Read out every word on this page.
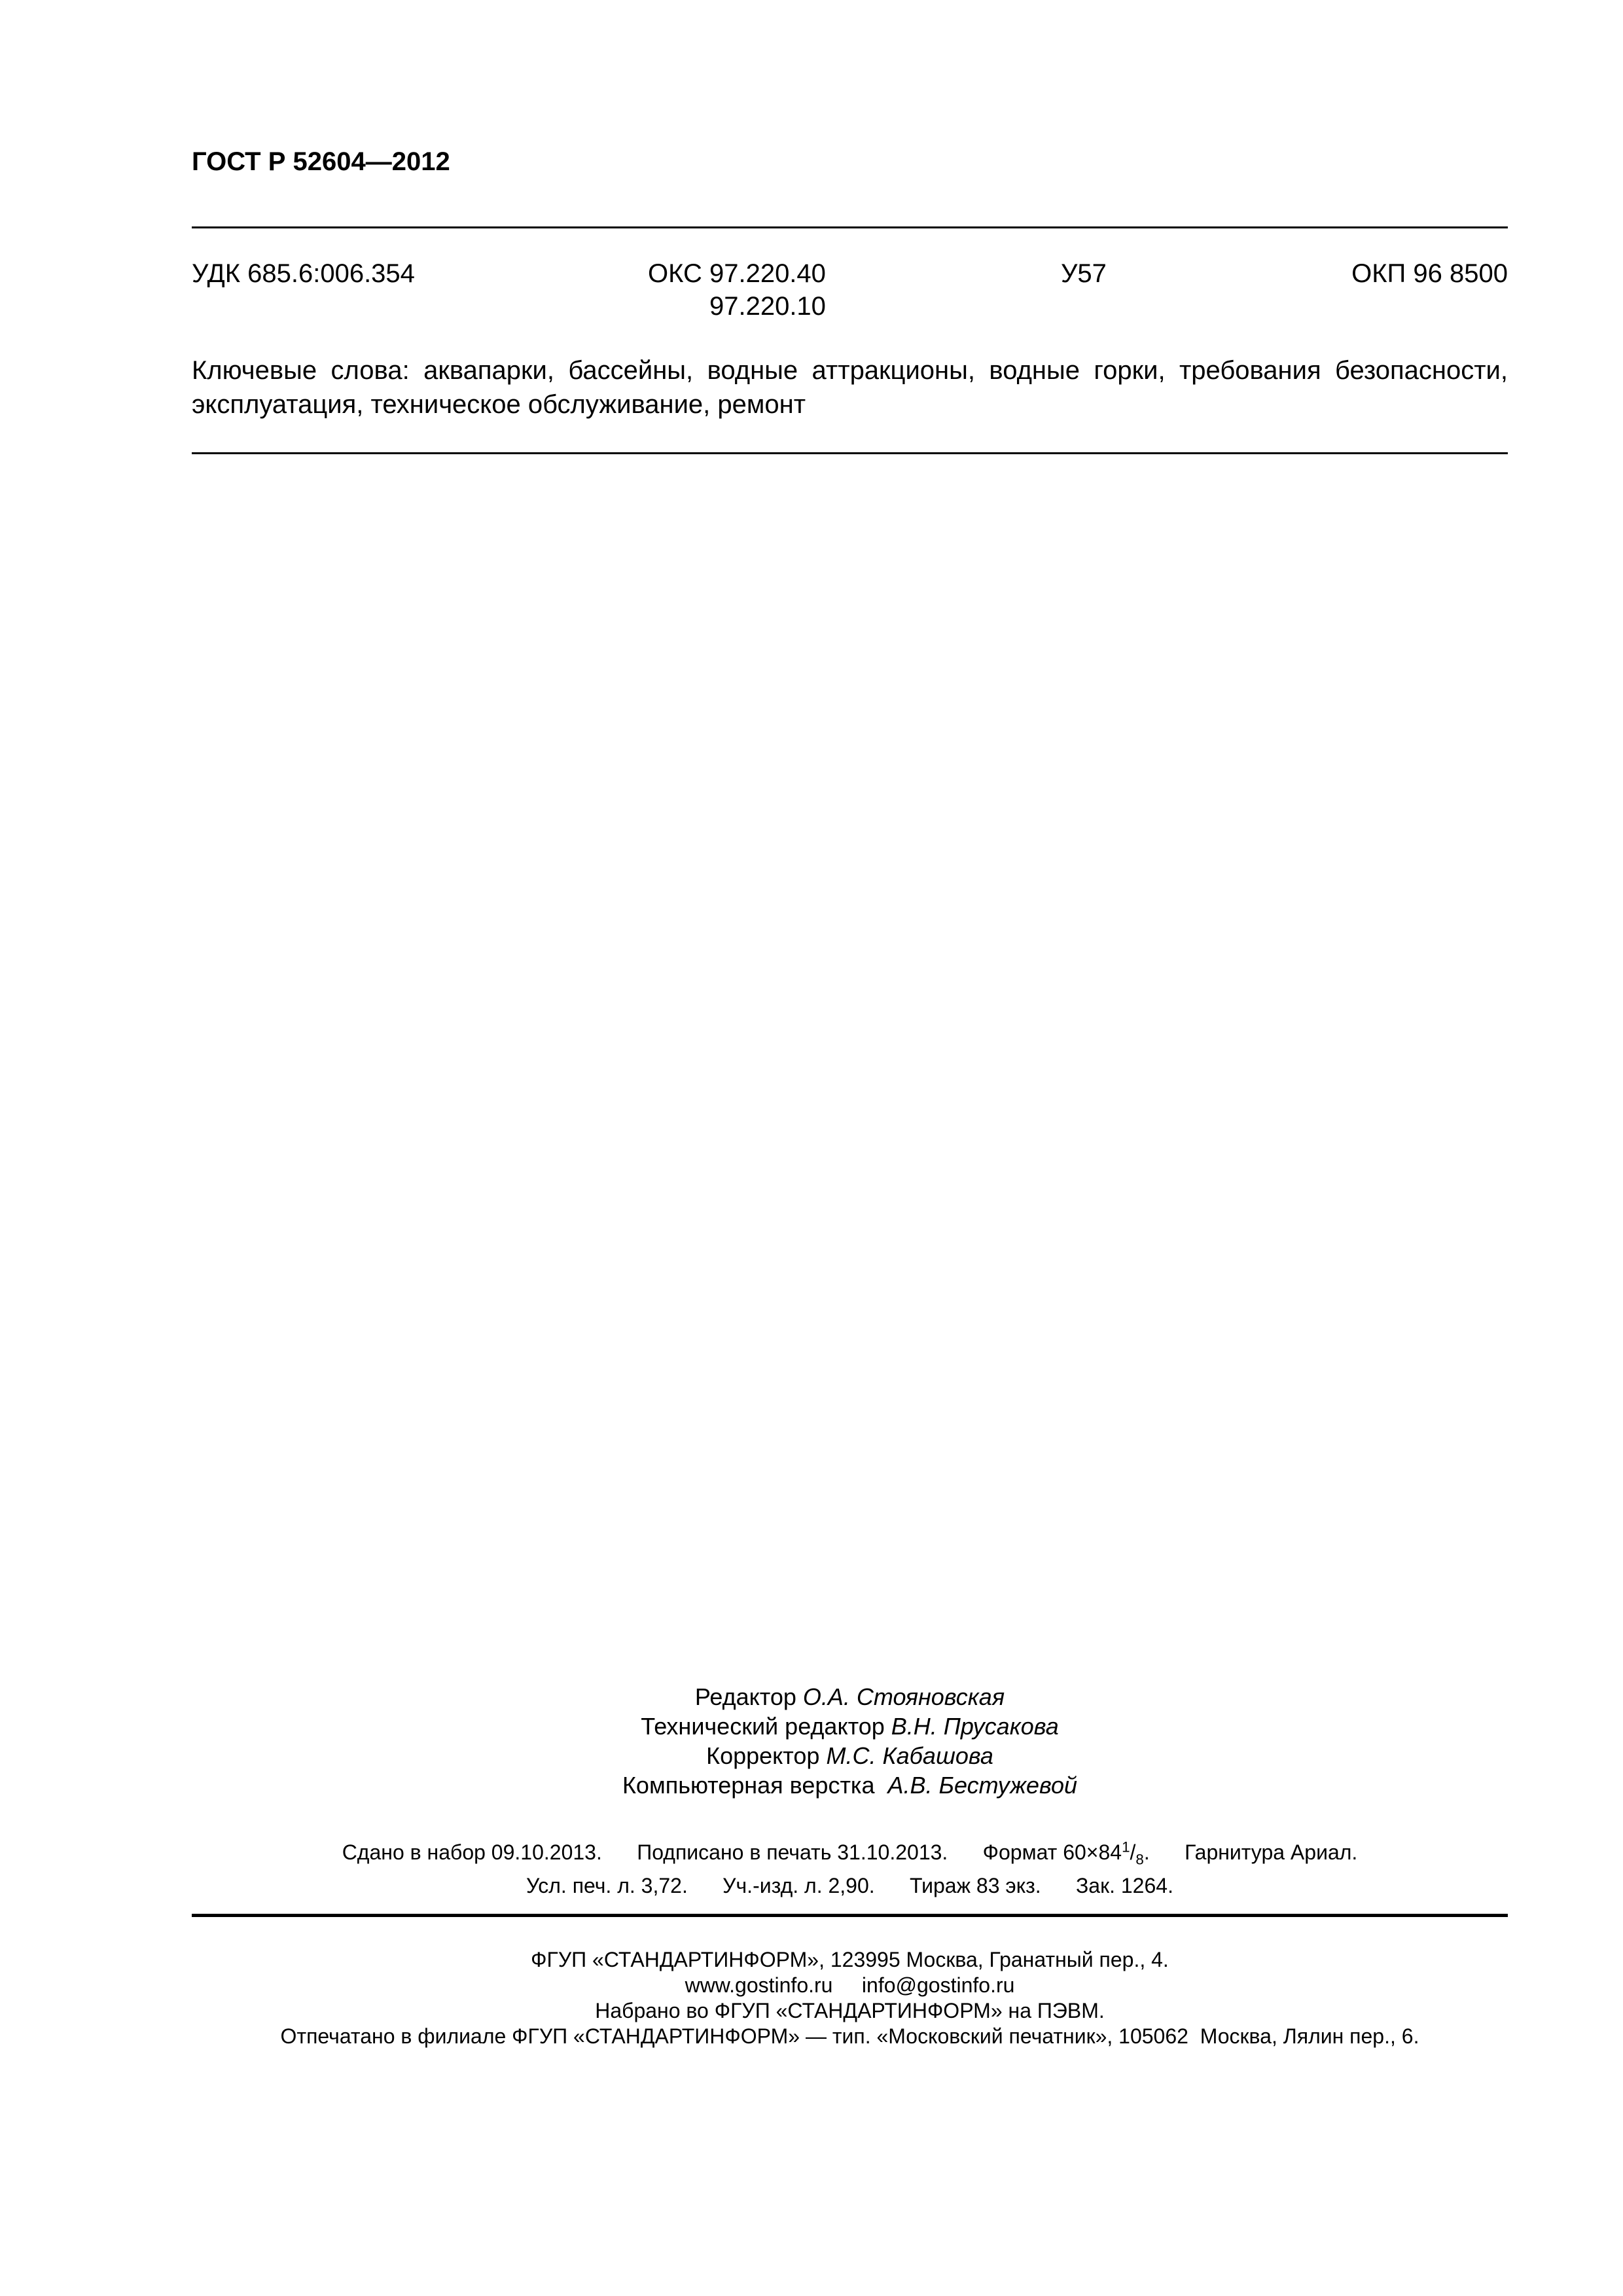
ГОСТ Р 52604—2012
УДК 685.6:006.354	ОКС 97.220.40
97.220.10
У57	ОКП 96 8500
Ключевые слова: аквапарки, бассейны, водные аттракционы, водные горки, требования безопасности, эксплуатация, техническое обслуживание, ремонт
Редактор О.А. Стояновская
Технический редактор В.Н. Прусакова
Корректор М.С. Кабашова
Компьютерная верстка А.В. Бестужевой
Сдано в набор 09.10.2013. Подписано в печать 31.10.2013. Формат $60\times 84^1/_8$. Гарнитура Ариал.
Усл. печ. л. 3,72. Уч.-изд. л. 2,90. Тираж 83 экз. Зак. 1264.
ФГУП «СТАНДАРТИНФОРМ», 123995 Москва, Гранатный пер., 4.
www.gostinfo.ru info@gostinfo.ru
Набрано во ФГУП «СТАНДАРТИНФОРМ» на ПЭВМ.
Отпечатано в филиале ФГУП «СТАНДАРТИНФОРМ» — тип. «Московский печатник», 105062  Москва, Лялин пер., 6.
